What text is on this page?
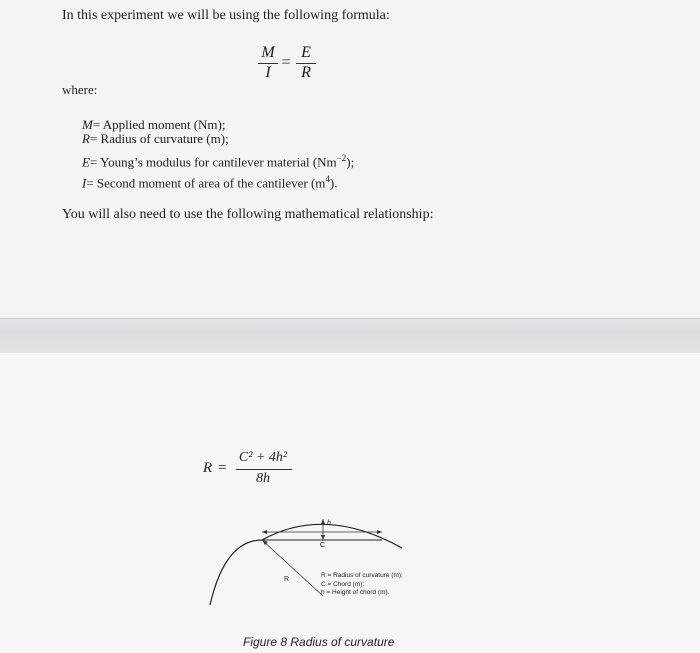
In this experiment we will be using the following formula:
M
I
=
E
R
where:
M= Applied moment (Nm);
R= Radius of curvature (m);
E= Young’s modulus for cantilever material $(Nm^{-2})$;
I= Second moment of area of the cantilever $(m^4)$.
You will also need to use the following mathematical relationship:
R =
C² + 4h²
8h
h
C
R
R = Radius of curvature (m);
C = Chord (m);
h = Height of chord (m).
Figure 8 Radius of curvature
